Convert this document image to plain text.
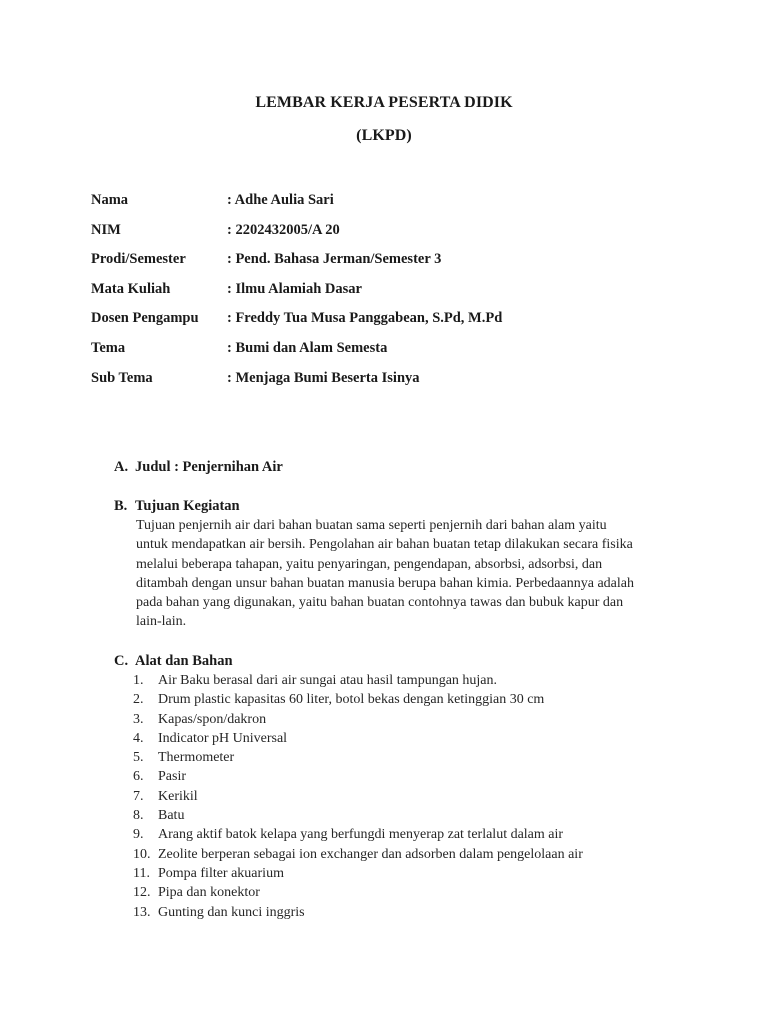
LEMBAR KERJA PESERTA DIDIK
(LKPD)
Nama	: Adhe Aulia Sari
NIM	: 2202432005/A 20
Prodi/Semester	: Pend. Bahasa Jerman/Semester 3
Mata Kuliah	: Ilmu Alamiah Dasar
Dosen Pengampu : Freddy Tua Musa Panggabean, S.Pd, M.Pd
Tema	: Bumi dan Alam Semesta
Sub Tema	: Menjaga Bumi Beserta Isinya
A. Judul : Penjernihan Air
B. Tujuan Kegiatan
Tujuan penjernih air dari bahan buatan sama seperti penjernih dari bahan alam yaitu
untuk mendapatkan air bersih. Pengolahan air bahan buatan tetap dilakukan secara fisika
melalui beberapa tahapan, yaitu penyaringan, pengendapan, absorbsi, adsorbsi, dan
ditambah dengan unsur bahan buatan manusia berupa bahan kimia. Perbedaannya adalah
pada bahan yang digunakan, yaitu bahan buatan contohnya tawas dan bubuk kapur dan
lain-lain.
C. Alat dan Bahan
1. Air Baku berasal dari air sungai atau hasil tampungan hujan.
2. Drum plastic kapasitas 60 liter, botol bekas dengan ketinggian 30 cm
3. Kapas/spon/dakron
4. Indicator pH Universal
5. Thermometer
6. Pasir
7. Kerikil
8. Batu
9. Arang aktif batok kelapa yang berfungdi menyerap zat terlalut dalam air
10. Zeolite berperan sebagai ion exchanger dan adsorben dalam pengelolaan air
11. Pompa filter akuarium
12. Pipa dan konektor
13. Gunting dan kunci inggris
